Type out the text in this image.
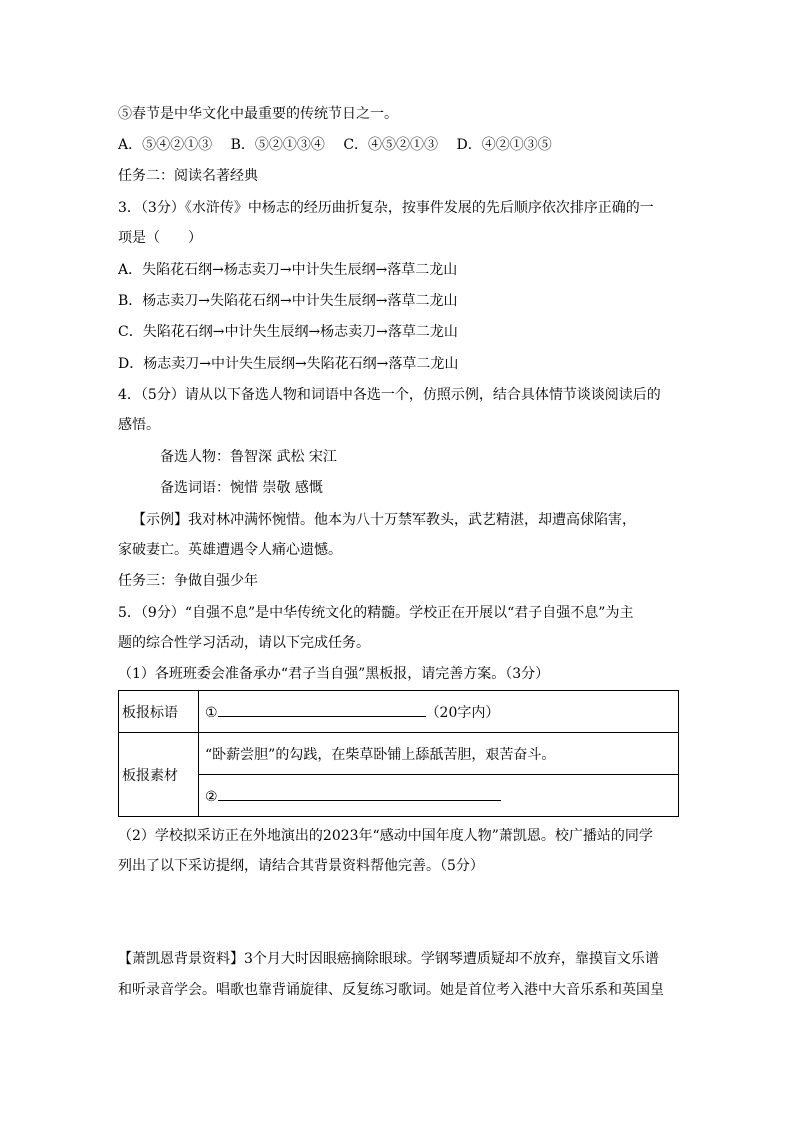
⑤春节是中华文化中最重要的传统节日之一。
A．⑤④②①③ B．⑤②①③④ C．④⑤②①③ D．④②①③⑤
任务二：阅读名著经典
3．（3分）《水浒传》中杨志的经历曲折复杂，按事件发展的先后顺序依次排序正确的一
项是（　　）
A．失陷花石纲→杨志卖刀→中计失生辰纲→落草二龙山
B．杨志卖刀→失陷花石纲→中计失生辰纲→落草二龙山
C．失陷花石纲→中计失生辰纲→杨志卖刀→落草二龙山
D．杨志卖刀→中计失生辰纲→失陷花石纲→落草二龙山
4．（5分）请从以下备选人物和词语中各选一个，仿照示例，结合具体情节谈谈阅读后的
感悟。
备选人物：鲁智深 武松 宋江
备选词语：惋惜 崇敬 感慨
【示例】我对林冲满怀惋惜。他本为八十万禁军教头，武艺精湛，却遭高俅陷害，
家破妻亡。英雄遭遇令人痛心遗憾。
任务三：争做自强少年
5．（9分）“自强不息”是中华传统文化的精髓。学校正在开展以“君子自强不息”为主
题的综合性学习活动，请以下完成任务。
（1）各班班委会准备承办“君子当自强”黑板报，请完善方案。（3分）
板报标语	① （20字内）
板报素材	“卧薪尝胆”的勾践，在柴草卧铺上舔舐苦胆，艰苦奋斗。
	②
（2）学校拟采访正在外地演出的2023年“感动中国年度人物”萧凯恩。校广播站的同学
列出了以下采访提纲，请结合其背景资料帮他完善。（5分）
【萧凯恩背景资料】3个月大时因眼癌摘除眼球。学钢琴遭质疑却不放弃，靠摸盲文乐谱
和听录音学会。唱歌也靠背诵旋律、反复练习歌词。她是首位考入港中大音乐系和英国皇
